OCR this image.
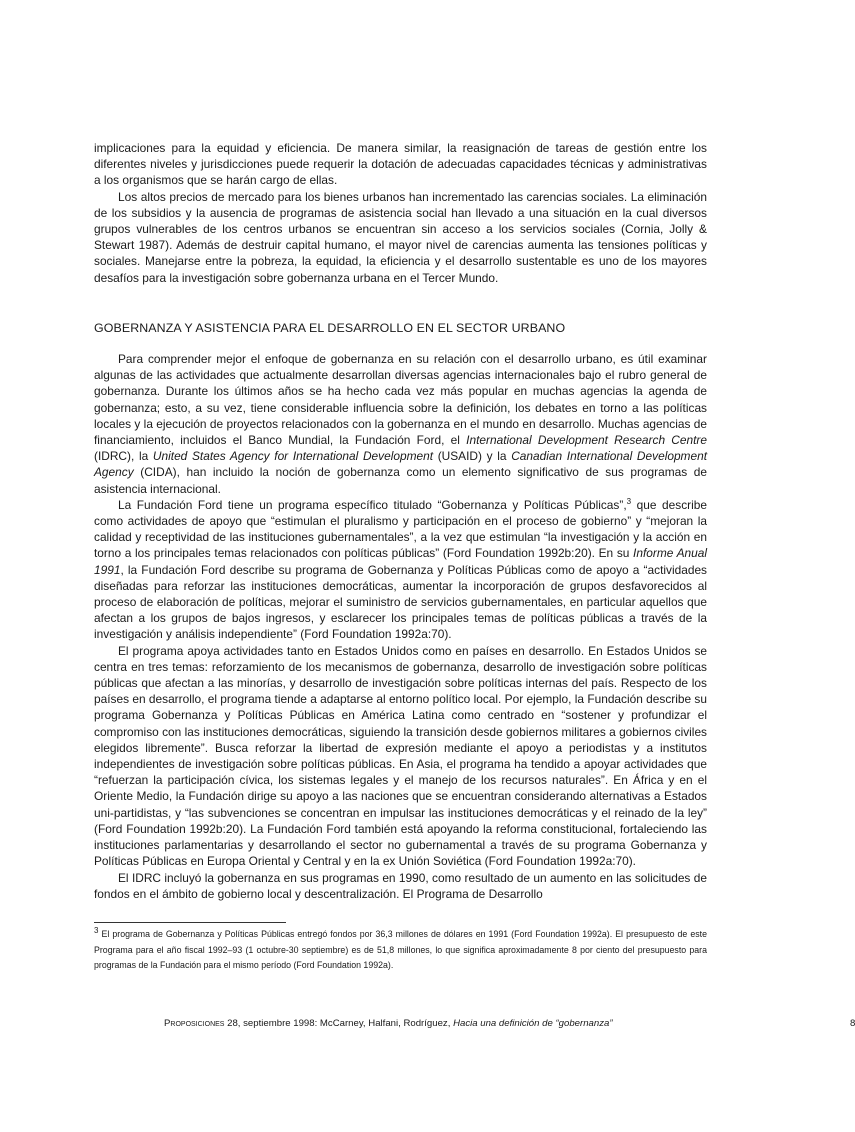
implicaciones para la equidad y eficiencia. De manera similar, la reasignación de tareas de gestión entre los diferentes niveles y jurisdicciones puede requerir la dotación de adecuadas capacidades técnicas y administrativas a los organismos que se harán cargo de ellas.

Los altos precios de mercado para los bienes urbanos han incrementado las carencias sociales. La eliminación de los subsidios y la ausencia de programas de asistencia social han llevado a una situación en la cual diversos grupos vulnerables de los centros urbanos se encuentran sin acceso a los servicios sociales (Cornia, Jolly & Stewart 1987). Además de destruir capital humano, el mayor nivel de carencias aumenta las tensiones políticas y sociales. Manejarse entre la pobreza, la equidad, la eficiencia y el desarrollo sustentable es uno de los mayores desafíos para la investigación sobre gobernanza urbana en el Tercer Mundo.

GOBERNANZA Y ASISTENCIA PARA EL DESARROLLO EN EL SECTOR URBANO

Para comprender mejor el enfoque de gobernanza en su relación con el desarrollo urbano, es útil examinar algunas de las actividades que actualmente desarrollan diversas agencias internacionales bajo el rubro general de gobernanza. Durante los últimos años se ha hecho cada vez más popular en muchas agencias la agenda de gobernanza; esto, a su vez, tiene considerable influencia sobre la definición, los debates en torno a las políticas locales y la ejecución de proyectos relacionados con la gobernanza en el mundo en desarrollo. Muchas agencias de financiamiento, incluidos el Banco Mundial, la Fundación Ford, el International Development Research Centre (IDRC), la United States Agency for International Development (USAID) y la Canadian International Development Agency (CIDA), han incluido la noción de gobernanza como un elemento significativo de sus programas de asistencia internacional.

La Fundación Ford tiene un programa específico titulado “Gobernanza y Políticas Públicas”,$^3$ que describe como actividades de apoyo que “estimulan el pluralismo y participación en el proceso de gobierno” y “mejoran la calidad y receptividad de las instituciones gubernamentales”, a la vez que estimulan “la investigación y la acción en torno a los principales temas relacionados con políticas públicas” (Ford Foundation 1992b:20). En su Informe Anual 1991, la Fundación Ford describe su programa de Gobernanza y Políticas Públicas como de apoyo a “actividades diseñadas para reforzar las instituciones democráticas, aumentar la incorporación de grupos desfavorecidos al proceso de elaboración de políticas, mejorar el suministro de servicios gubernamentales, en particular aquellos que afectan a los grupos de bajos ingresos, y esclarecer los principales temas de políticas públicas a través de la investigación y análisis independiente” (Ford Foundation 1992a:70).

El programa apoya actividades tanto en Estados Unidos como en países en desarrollo. En Estados Unidos se centra en tres temas: reforzamiento de los mecanismos de gobernanza, desarrollo de investigación sobre políticas públicas que afectan a las minorías, y desarrollo de investigación sobre políticas internas del país. Respecto de los países en desarrollo, el programa tiende a adaptarse al entorno político local. Por ejemplo, la Fundación describe su programa Gobernanza y Políticas Públicas en América Latina como centrado en “sostener y profundizar el compromiso con las instituciones democráticas, siguiendo la transición desde gobiernos militares a gobiernos civiles elegidos libremente”. Busca reforzar la libertad de expresión mediante el apoyo a periodistas y a institutos independientes de investigación sobre políticas públicas. En Asia, el programa ha tendido a apoyar actividades que “refuerzan la participación cívica, los sistemas legales y el manejo de los recursos naturales”. En África y en el Oriente Medio, la Fundación dirige su apoyo a las naciones que se encuentran considerando alternativas a Estados uni-partidistas, y “las subvenciones se concentran en impulsar las instituciones democráticas y el reinado de la ley” (Ford Foundation 1992b:20). La Fundación Ford también está apoyando la reforma constitucional, fortaleciendo las instituciones parlamentarias y desarrollando el sector no gubernamental a través de su programa Gobernanza y Políticas Públicas en Europa Oriental y Central y en la ex Unión Soviética (Ford Foundation 1992a:70).

El IDRC incluyó la gobernanza en sus programas en 1990, como resultado de un aumento en las solicitudes de fondos en el ámbito de gobierno local y descentralización. El Programa de Desarrollo

$^3$ El programa de Gobernanza y Políticas Públicas entregó fondos por 36,3 millones de dólares en 1991 (Ford Foundation 1992a). El presupuesto de este Programa para el año fiscal 1992–93 (1 octubre-30 septiembre) es de 51,8 millones, lo que significa aproximadamente 8 por ciento del presupuesto para programas de la Fundación para el mismo período (Ford Foundation 1992a).
Proposiciones 28, septiembre 1998: McCarney, Halfani, Rodríguez, Hacia una definición de “gobernanza”	8
